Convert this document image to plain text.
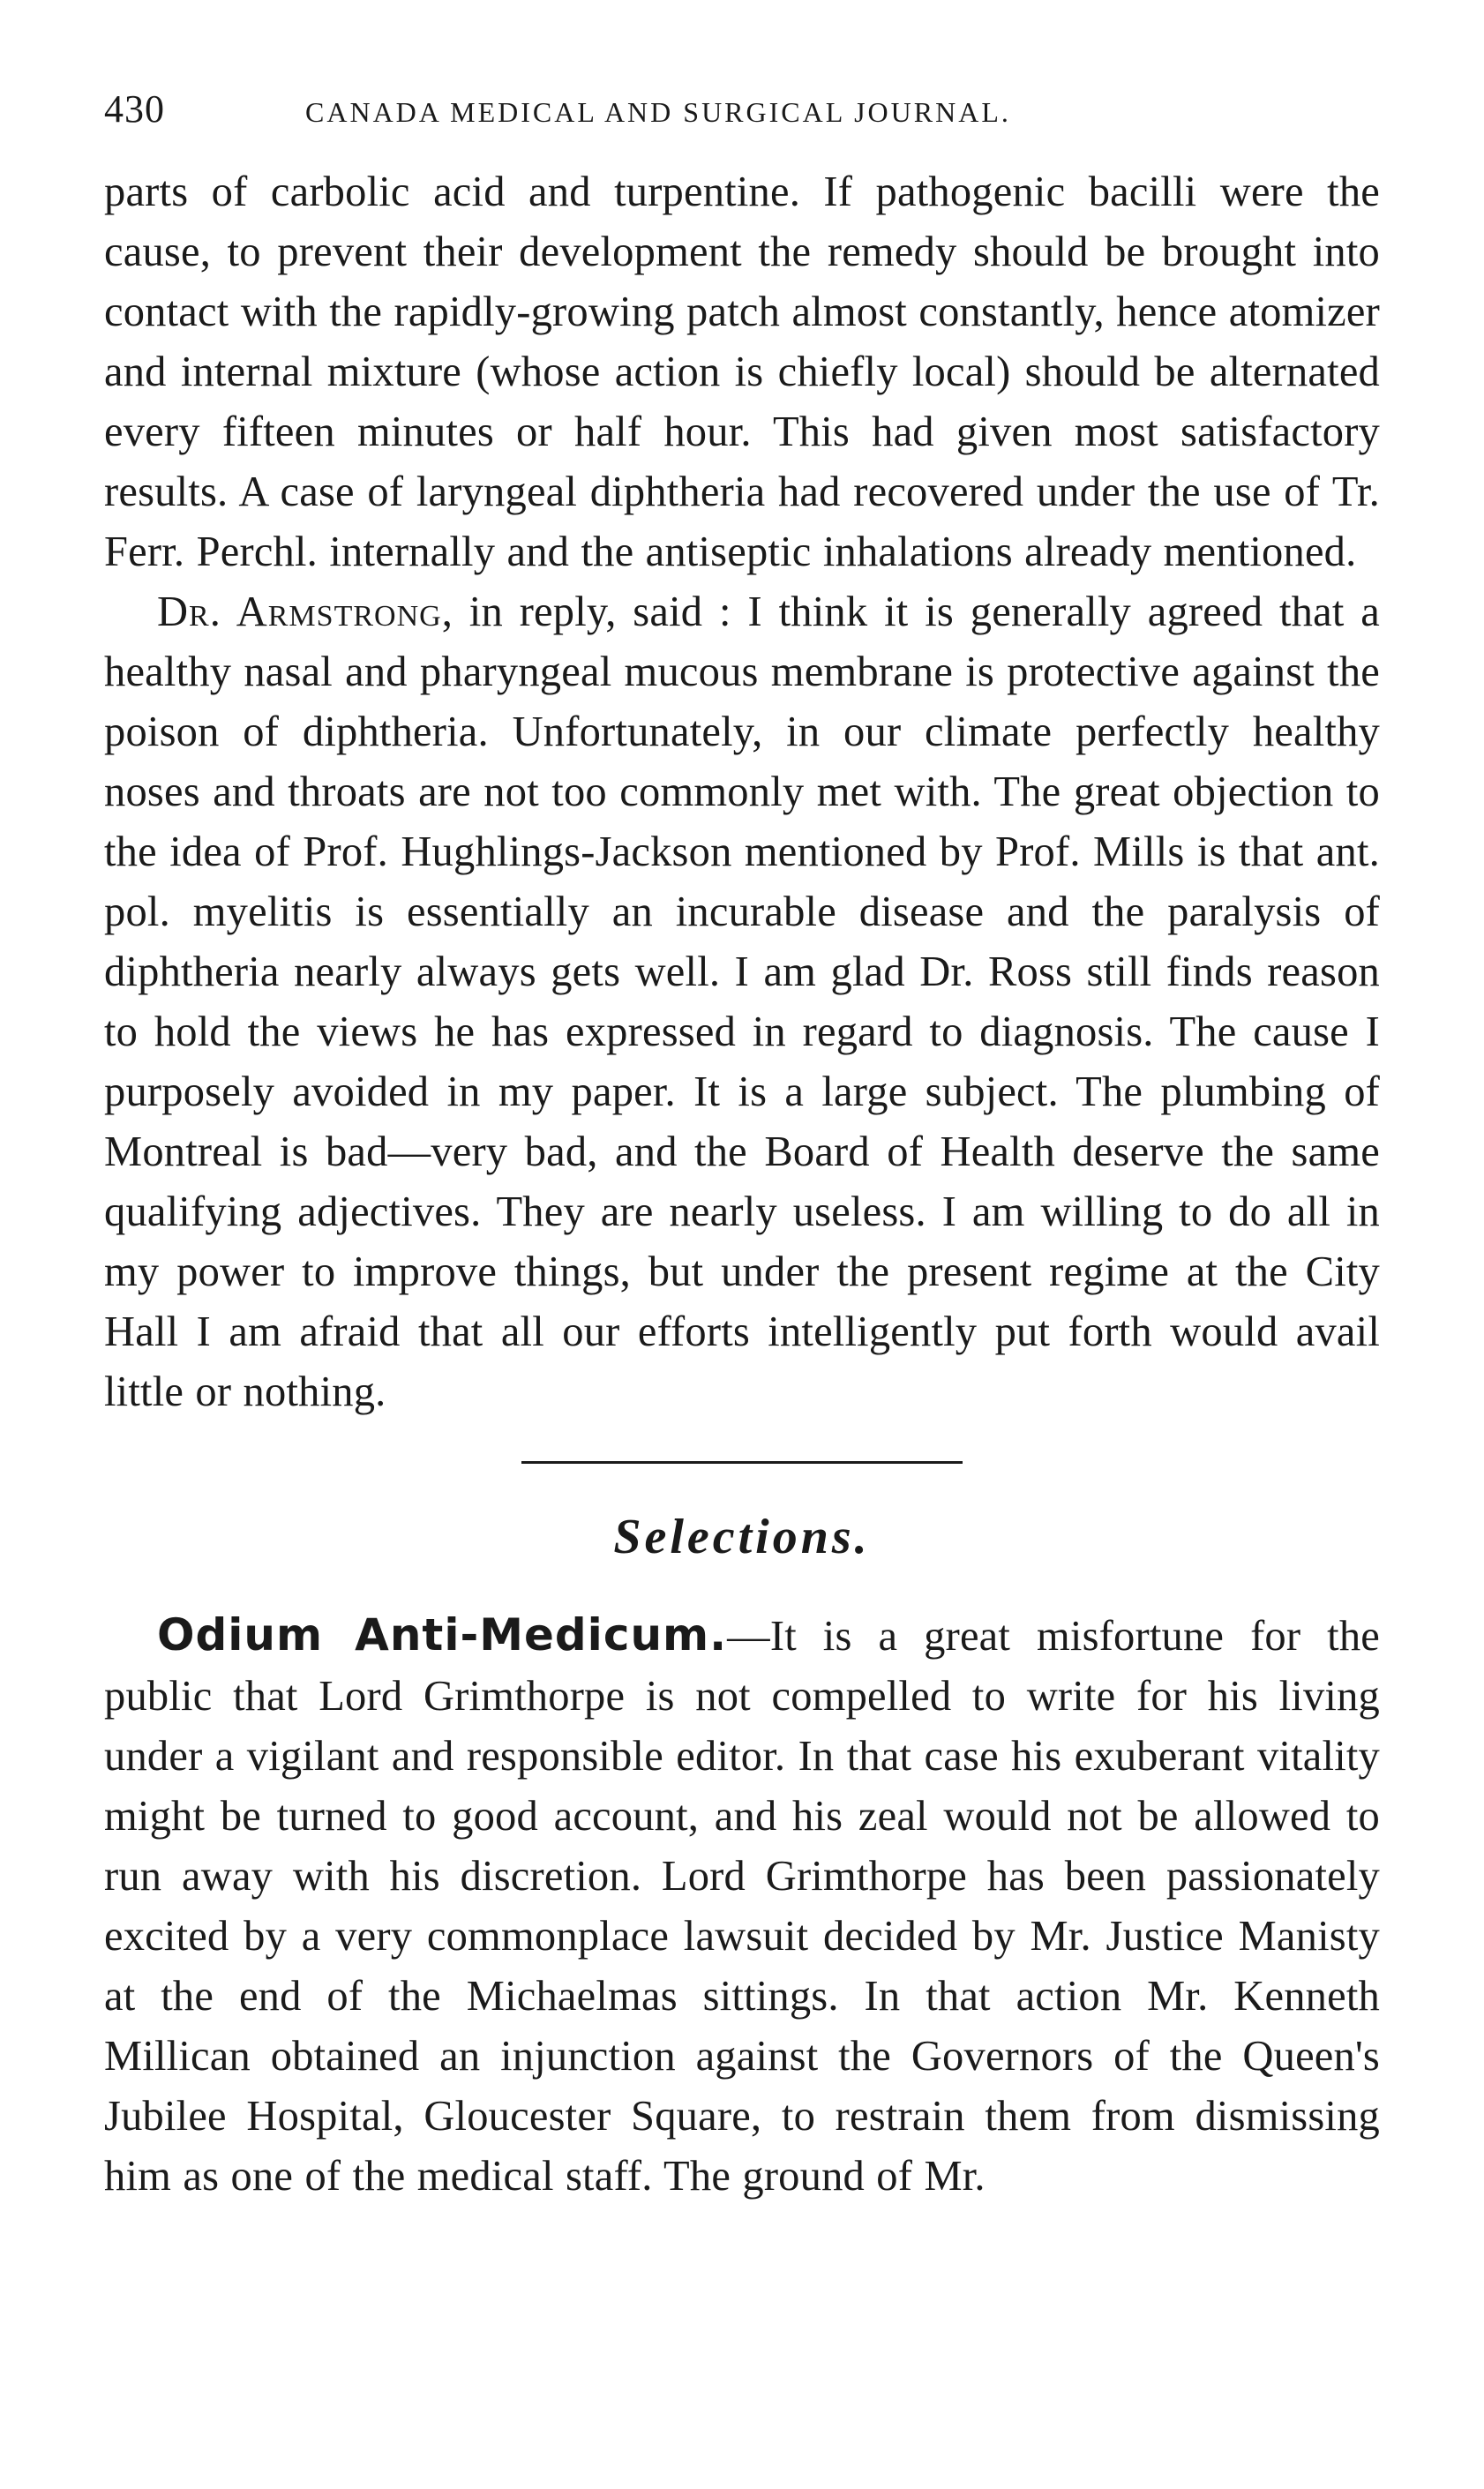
430	CANADA MEDICAL AND SURGICAL JOURNAL.

parts of carbolic acid and turpentine. If pathogenic bacilli were the cause, to prevent their development the remedy should be brought into contact with the rapidly-growing patch almost constantly, hence atomizer and internal mixture (whose action is chiefly local) should be alternated every fifteen minutes or half hour. This had given most satisfactory results. A case of laryngeal diphtheria had recovered under the use of Tr. Ferr. Perchl. internally and the antiseptic inhalations already mentioned.

Dr. Armstrong, in reply, said : I think it is generally agreed that a healthy nasal and pharyngeal mucous membrane is protective against the poison of diphtheria. Unfortunately, in our climate perfectly healthy noses and throats are not too commonly met with. The great objection to the idea of Prof. Hughlings-Jackson mentioned by Prof. Mills is that ant. pol. myelitis is essentially an incurable disease and the paralysis of diphtheria nearly always gets well. I am glad Dr. Ross still finds reason to hold the views he has expressed in regard to diagnosis. The cause I purposely avoided in my paper. It is a large subject. The plumbing of Montreal is bad—very bad, and the Board of Health deserve the same qualifying adjectives. They are nearly useless. I am willing to do all in my power to improve things, but under the present regime at the City Hall I am afraid that all our efforts intelligently put forth would avail little or nothing.

Selections.

Odium Anti-Medicum.—It is a great misfortune for the public that Lord Grimthorpe is not compelled to write for his living under a vigilant and responsible editor. In that case his exuberant vitality might be turned to good account, and his zeal would not be allowed to run away with his discretion. Lord Grimthorpe has been passionately excited by a very commonplace lawsuit decided by Mr. Justice Manisty at the end of the Michaelmas sittings. In that action Mr. Kenneth Millican obtained an injunction against the Governors of the Queen's Jubilee Hospital, Gloucester Square, to restrain them from dismissing him as one of the medical staff. The ground of Mr.
